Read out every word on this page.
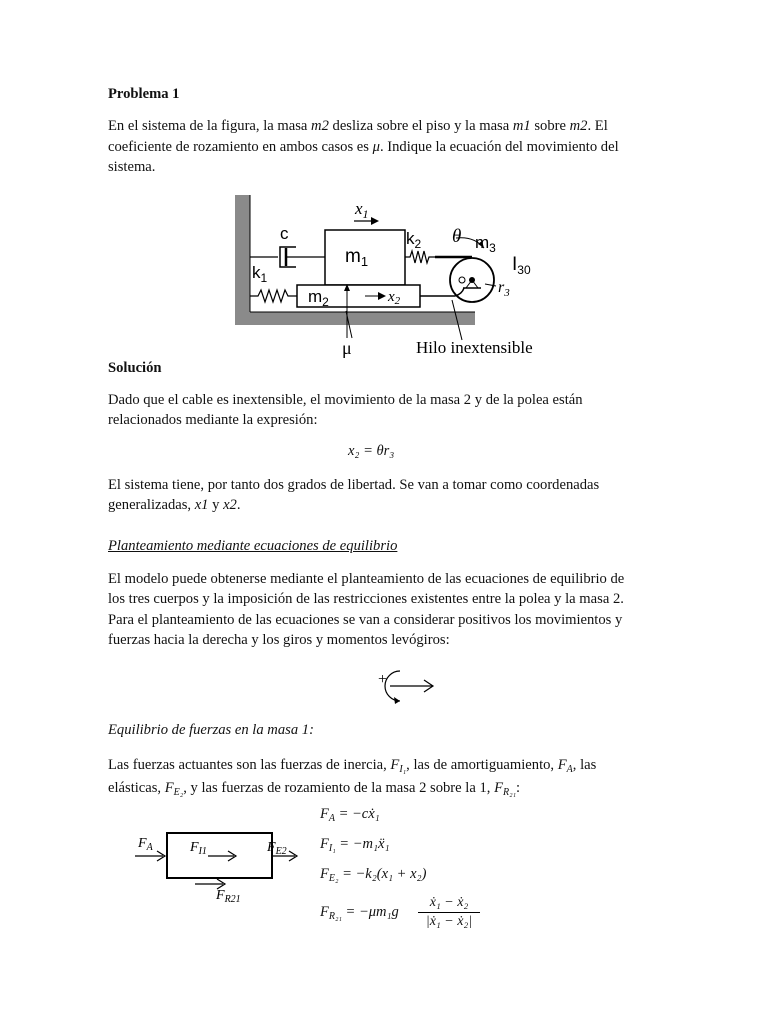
Problema 1

En el sistema de la figura, la masa m2 desliza sobre el piso y la masa m1 sobre m2. El

coeficiente de rozamiento en ambos casos es μ. Indique la ecuación del movimiento del

sistema.

$x_1$
c
$m_1$
$k_2$ θ $m_3$
$I_{30}$
$r_3$
$k_1$
$m_2$	$x_2$
μ	Hilo inextensible

Solución

Dado que el cable es inextensible, el movimiento de la masa 2 y de la polea están

relacionados mediante la expresión:

x₂ = θr₃

El sistema tiene, por tanto dos grados de libertad. Se van a tomar como coordenadas

generalizadas, x1 y x2.

Planteamiento mediante ecuaciones de equilibrio

El modelo puede obtenerse mediante el planteamiento de las ecuaciones de equilibrio de

los tres cuerpos y la imposición de las restricciones existentes entre la polea y la masa 2.

Para el planteamiento de las ecuaciones se van a considerar positivos los movimientos y

fuerzas hacia la derecha y los giros y momentos levógiros:

+

Equilibrio de fuerzas en la masa 1:

Las fuerzas actuantes son las fuerzas de inercia, $F_{I_1}$, las de amortiguamiento, $F_A$, las

elásticas, $F_{E_2}$, y las fuerzas de rozamiento de la masa 2 sobre la 1, $F_{R_{21}}$:

$F_A$	$F_{I1}$	$F_{E2}$
$F_{R21}$
$F_A$ = −cẋ₁
$F_{I_1}$ = −m₁ẍ₁
$F_{E_2} = -k_2(x_1 + x_2)$
$F_{R_{21}} = -\mu m_1g \frac{\text{ẋ₁ − ẋ₂}}{\text{|ẋ₁ − ẋ₂|}}$
